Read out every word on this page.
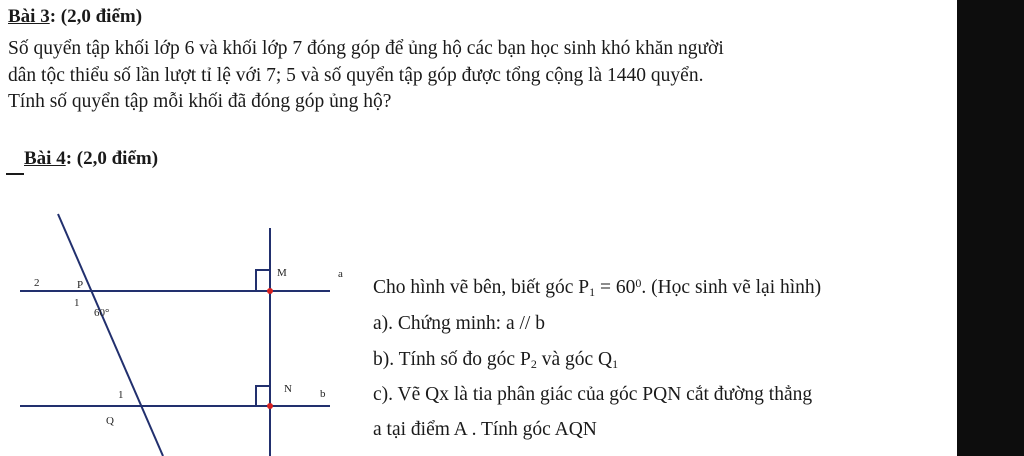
Bài 3: (2,0 điểm)

Số quyển tập khối lớp 6 và khối lớp 7 đóng góp để ủng hộ các bạn học sinh khó khăn người
dân tộc thiểu số lần lượt tỉ lệ với 7; 5 và số quyển tập góp được tổng cộng là 1440 quyển.
Tính số quyển tập mỗi khối đã đóng góp ủng hộ?

Bài 4: (2,0 điểm)
2	P
1
60°
M	a
1
Q
N	b

Cho hình vẽ bên, biết góc $P_1 = 60^0$. (Học sinh vẽ lại hình)

a). Chứng minh: a // b

b). Tính số đo góc $P_2$ và góc $Q_1$

c). Vẽ Qx là tia phân giác của góc PQN cắt đường thẳng

a tại điểm A . Tính góc AQN
